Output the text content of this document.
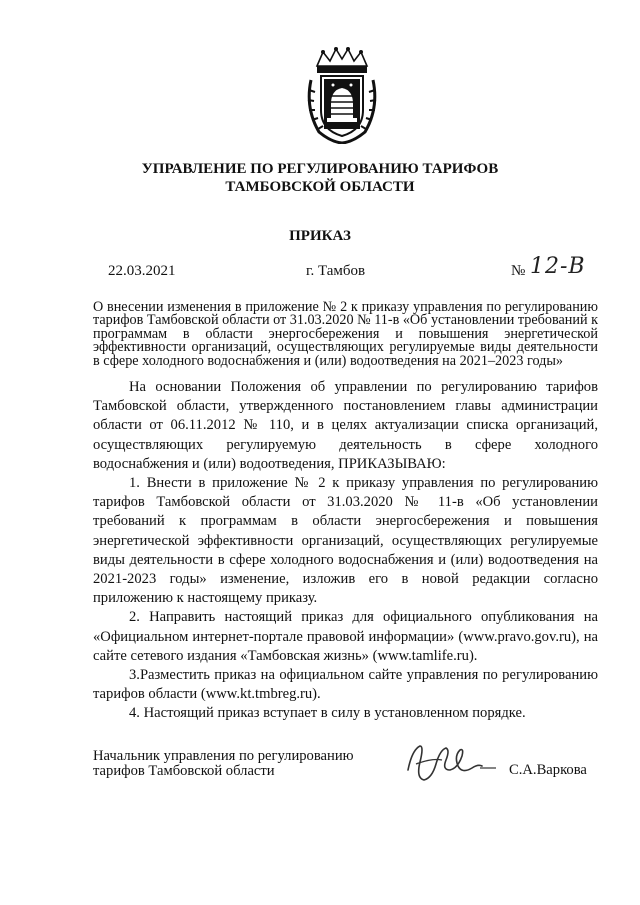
УПРАВЛЕНИЕ ПО РЕГУЛИРОВАНИЮ ТАРИФОВ
ТАМБОВСКОЙ ОБЛАСТИ
ПРИКАЗ
22.03.2021	г. Тамбов	№ 12-В
О внесении изменения в приложение № 2 к приказу управления по регулированию тарифов Тамбовской области от 31.03.2020 № 11-в «Об установлении требований к программам в области энергосбережения и повышения энергетической эффективности организаций, осуществляющих регулируемые виды деятельности в сфере холодного водоснабжения и (или) водоотведения на 2021–2023 годы»

На основании Положения об управлении по регулированию тарифов Тамбовской области, утвержденного постановлением главы администрации области от 06.11.2012 № 110, и в целях актуализации списка организаций, осуществляющих регулируемую деятельность в сфере холодного водоснабжения и (или) водоотведения, ПРИКАЗЫВАЮ:

1. Внести в приложение № 2 к приказу управления по регулированию тарифов Тамбовской области от 31.03.2020 № 11-в «Об установлении требований к программам в области энергосбережения и повышения энергетической эффективности организаций, осуществляющих регулируемые виды деятельности в сфере холодного водоснабжения и (или) водоотведения на 2021-2023 годы» изменение, изложив его в новой редакции согласно приложению к настоящему приказу.

2. Направить настоящий приказ для официального опубликования на «Официальном интернет-портале правовой информации» (www.pravo.gov.ru), на сайте сетевого издания «Тамбовская жизнь» (www.tamlife.ru).

3.Разместить приказ на официальном сайте управления по регулированию тарифов области (www.kt.tmbreg.ru).

4. Настоящий приказ вступает в силу в установленном порядке.

Начальник управления по регулированию
тарифов Тамбовской области	С.А.Варкова
